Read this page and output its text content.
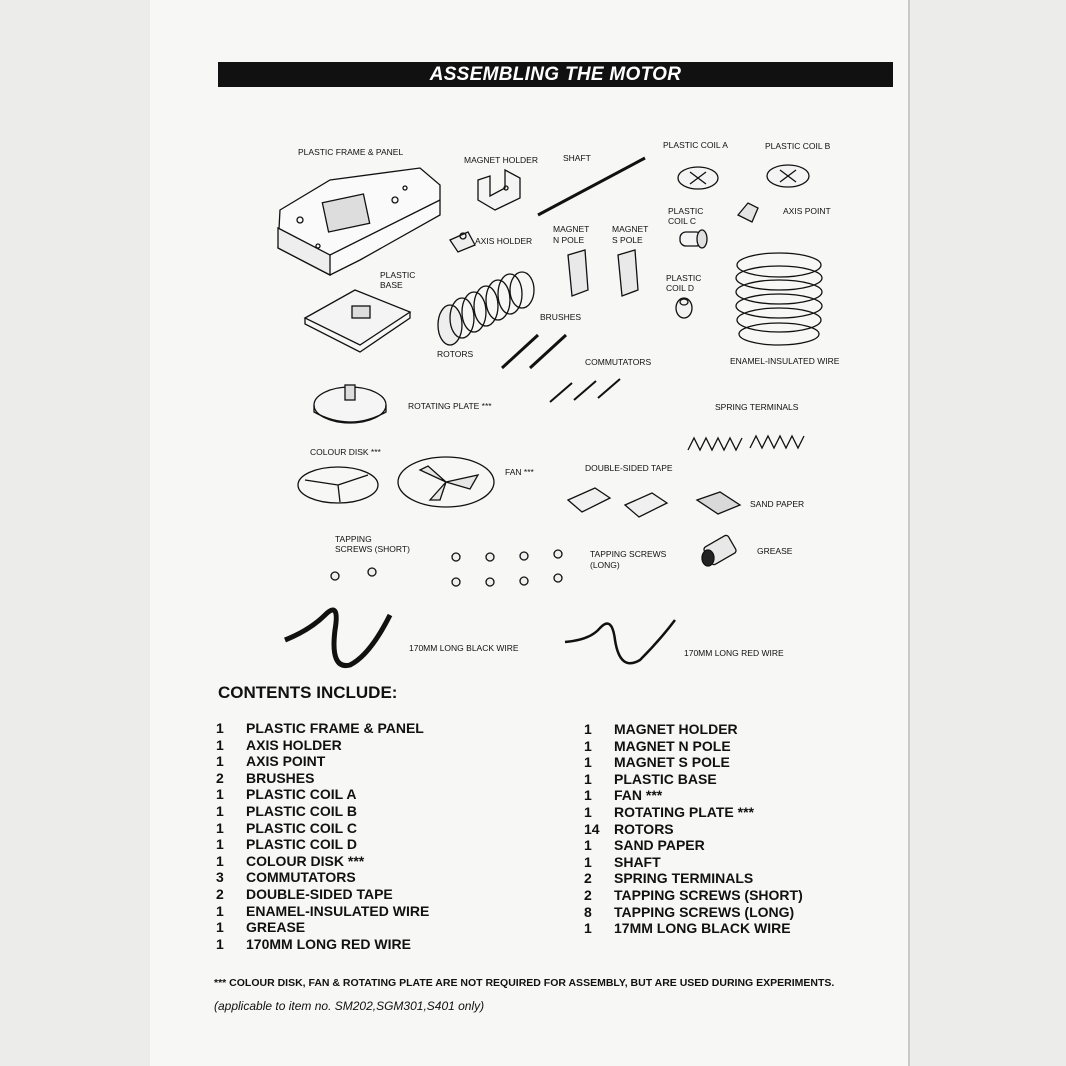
ASSEMBLING THE MOTOR
PLASTIC FRAME & PANEL
MAGNET HOLDER	SHAFT
PLASTIC COIL A	PLASTIC COIL B
PLASTIC
COIL C
AXIS POINT
AXIS HOLDER
MAGNET
N POLE
MAGNET
S POLE
PLASTIC
BASE
PLASTIC
COIL D
BRUSHES
ROTORS
COMMUTATORS	ENAMEL-INSULATED WIRE
ROTATING PLATE ***	SPRING TERMINALS
COLOUR DISK ***
FAN ***	DOUBLE-SIDED TAPE
SAND PAPER
TAPPING
SCREWS (SHORT)	TAPPING SCREWS
(LONG)
GREASE
170MM LONG BLACK WIRE	170MM LONG RED WIRE
CONTENTS INCLUDE:
1 PLASTIC FRAME & PANEL
1 AXIS HOLDER
1 AXIS POINT
2 BRUSHES
1 PLASTIC COIL A
1 PLASTIC COIL B
1 PLASTIC COIL C
1 PLASTIC COIL D
1 COLOUR DISK ***
3 COMMUTATORS
2 DOUBLE-SIDED TAPE
1 ENAMEL-INSULATED WIRE
1 GREASE
1 170MM LONG RED WIRE
1 MAGNET HOLDER
1 MAGNET N POLE
1 MAGNET S POLE
1 PLASTIC BASE
1 FAN ***
1 ROTATING PLATE ***
14 ROTORS
1 SAND PAPER
1 SHAFT
2 SPRING TERMINALS
2 TAPPING SCREWS (SHORT)
8 TAPPING SCREWS (LONG)
1 17MM LONG BLACK WIRE
*** COLOUR DISK, FAN & ROTATING PLATE ARE NOT REQUIRED FOR ASSEMBLY, BUT ARE USED DURING EXPERIMENTS.
(applicable to item no. SM202,SGM301,S401 only)
